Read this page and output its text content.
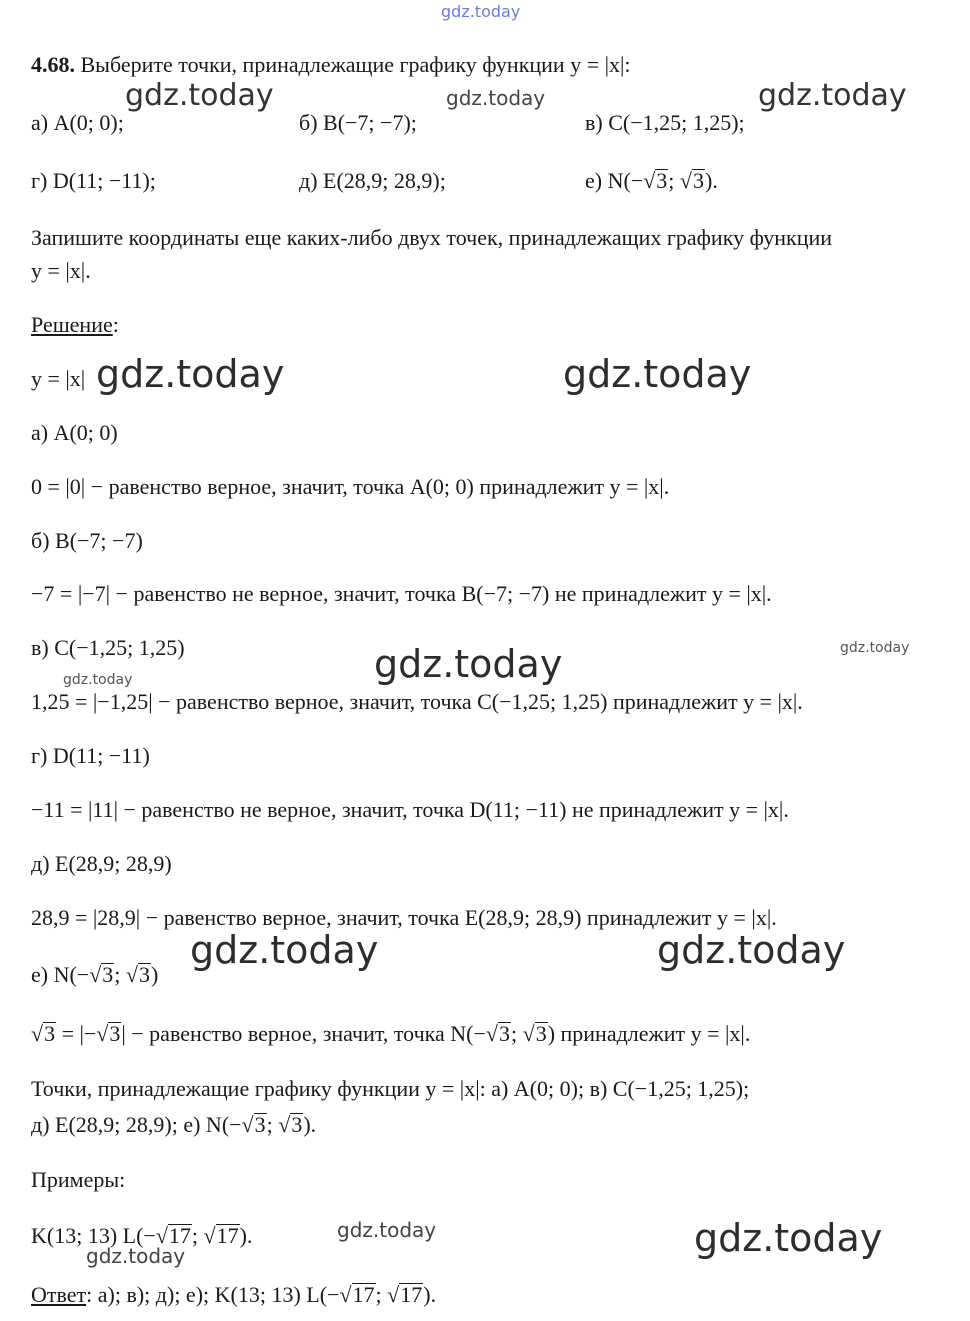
gdz.today
4.68. Выберите точки, принадлежащие графику функции y = |x|:
а) A(0; 0);	б) B(−7; −7);	в) C(−1,25; 1,25);
г) D(11; −11);	д) E(28,9; 28,9);	е) N(−√3; √3).
Запишите координаты еще каких-либо двух точек, принадлежащих графику функции
y = |x|.
Решение:
y = |x|
а) A(0; 0)
0 = |0| − равенство верное, значит, точка A(0; 0) принадлежит y = |x|.
б) B(−7; −7)
−7 = |−7| − равенство не верное, значит, точка B(−7; −7) не принадлежит y = |x|.
в) C(−1,25; 1,25)
1,25 = |−1,25| − равенство верное, значит, точка C(−1,25; 1,25) принадлежит y = |x|.
г) D(11; −11)
−11 = |11| − равенство не верное, значит, точка D(11; −11) не принадлежит y = |x|.
д) E(28,9; 28,9)
28,9 = |28,9| − равенство верное, значит, точка E(28,9; 28,9) принадлежит y = |x|.
е) N(−√3; √3)
√3 = |−√3| − равенство верное, значит, точка N(−√3; √3) принадлежит y = |x|.
Точки, принадлежащие графику функции y = |x|: а) A(0; 0); в) C(−1,25; 1,25);
д) E(28,9; 28,9); е) N(−√3; √3).
Примеры:
K(13; 13) L(−√17; √17).
Ответ: а); в); д); е); K(13; 13) L(−√17; √17).
gdz.today	gdz.today	gdz.today
gdz.today	gdz.today
gdz.today	gdz.today
gdz.today
gdz.today	gdz.today
gdz.today
gdz.today	gdz.today
